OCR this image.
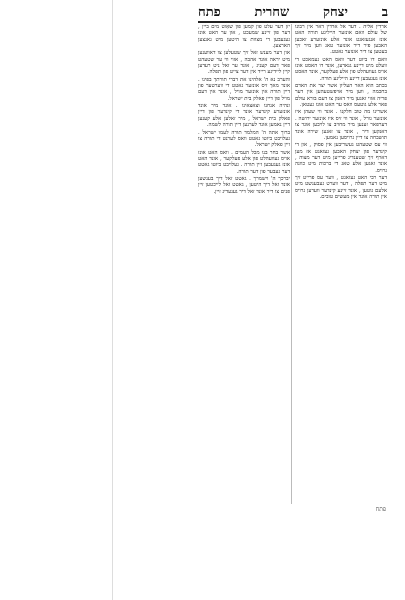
פתח	שחרית	יצחק	ב

ארדין אליה . דער אל ארדין דאר אין רבונו של עולם וואם אונזער הייליגע תורה האט אונז אנגעזאגט אונד אלע אונזערע זאכען האבען פיר דיר אונזער טאג ווען מיר זיך בעטען צו דיר אונזער גאטט.

וואם דו ביזט דער וואס האט געמאכט די וועלט מיט דיינע גנאדען, אונד דו האסט אונז אויס געוועהלט פון אלע פעלקער, אונד האסט אונז געגעבען דיינע הייליגע תורה.

בכתב הוא האר העליון אשר יצר את האדם בחכמה , ווען מיר אויפשטעהען אין דער פריה אזוי זאגען מיר דאנק צו דעם בורא עולם פאר אלע גוטעס וואס ער האט אונז געטאן.

אשרינו מה טוב חלקנו . אונד ווי שעהן איז אונזער גורל , אונד ווי זיס איז אונזער ירושה . דערפאר זענען מיר מחויב צו לויבען אונד צו דאנקען דיר , אונד צו זאגען שירה אונד תושבחה צו דיין גרויסען נאמען.

ווי עס שטעהט געשריבען אין פסוק , און די קינדער פון יצחק האבען געזאגט אז מען דארף זיך שטענדיג פרייען מיט דער מצוה , אונד זאגען אלע טאג די ברכות מיט כוונה גרויס.

דער רבי האט געזאגט , ווער עס פרייט זיך מיט דער תפלה , דער ווערט געבענשט מיט אלעם גוטען , אונד זיינע קינדער ווערען גרויס אין תורה אונד אין מעשים טובים.

יזן דער עלט פון קמען פון שאַוט מים ביין , דער פון זיינע שמעכט , און ער האט אונז געגעבען די מצוות צו היטען מיט גאנצען הארצען.

און דער מענש זאל זיך שטעלען צו דאווענען מיט יראה אונד אהבה , אזוי ווי ער שטעהט פאר דעם קעניג , אונד ער זאל ניט רעדען קיין ליידיגע רייד אין דער צייט פון תפלה.

והערב נא ה' אלהינו את דברי תורתך בפינו . אונד מאך זיס אונזער גאטט די ווערטער פון דיין תורה אין אונזער מויל , אונד אין דעם מויל פון דיין פאלק בית ישראל.

ונהיה אנחנו וצאצאינו . אונד מיר אונד אונזערע קינדער אונד די קינדער פון דיין פאלק בית ישראל , מיר זאלען אלע קענען דיין נאמען אונד לערנען דיין תורה לשמה.

ברוך אתה ה' המלמד תורה לעמו ישראל . געלויבט ביזטו גאטט וואס לערנט די תורה צו זיין פאלק ישראל.

אשר בחר בנו מכל העמים . וואס האט אונז אויס געוועהלט פון אלע פעלקער , אונד האט אונז געגעבען זיין תורה . געלויבט ביזטו גאטט דער געבער פון דער תורה.

יברכך ה' וישמרך . גאטט זאל דיך בענשען אונד זאל דיך היטען , גאטט זאל לייכטען זיין פנים צו דיר אונד זאל דיר גענעדיג זיין.

פתח
